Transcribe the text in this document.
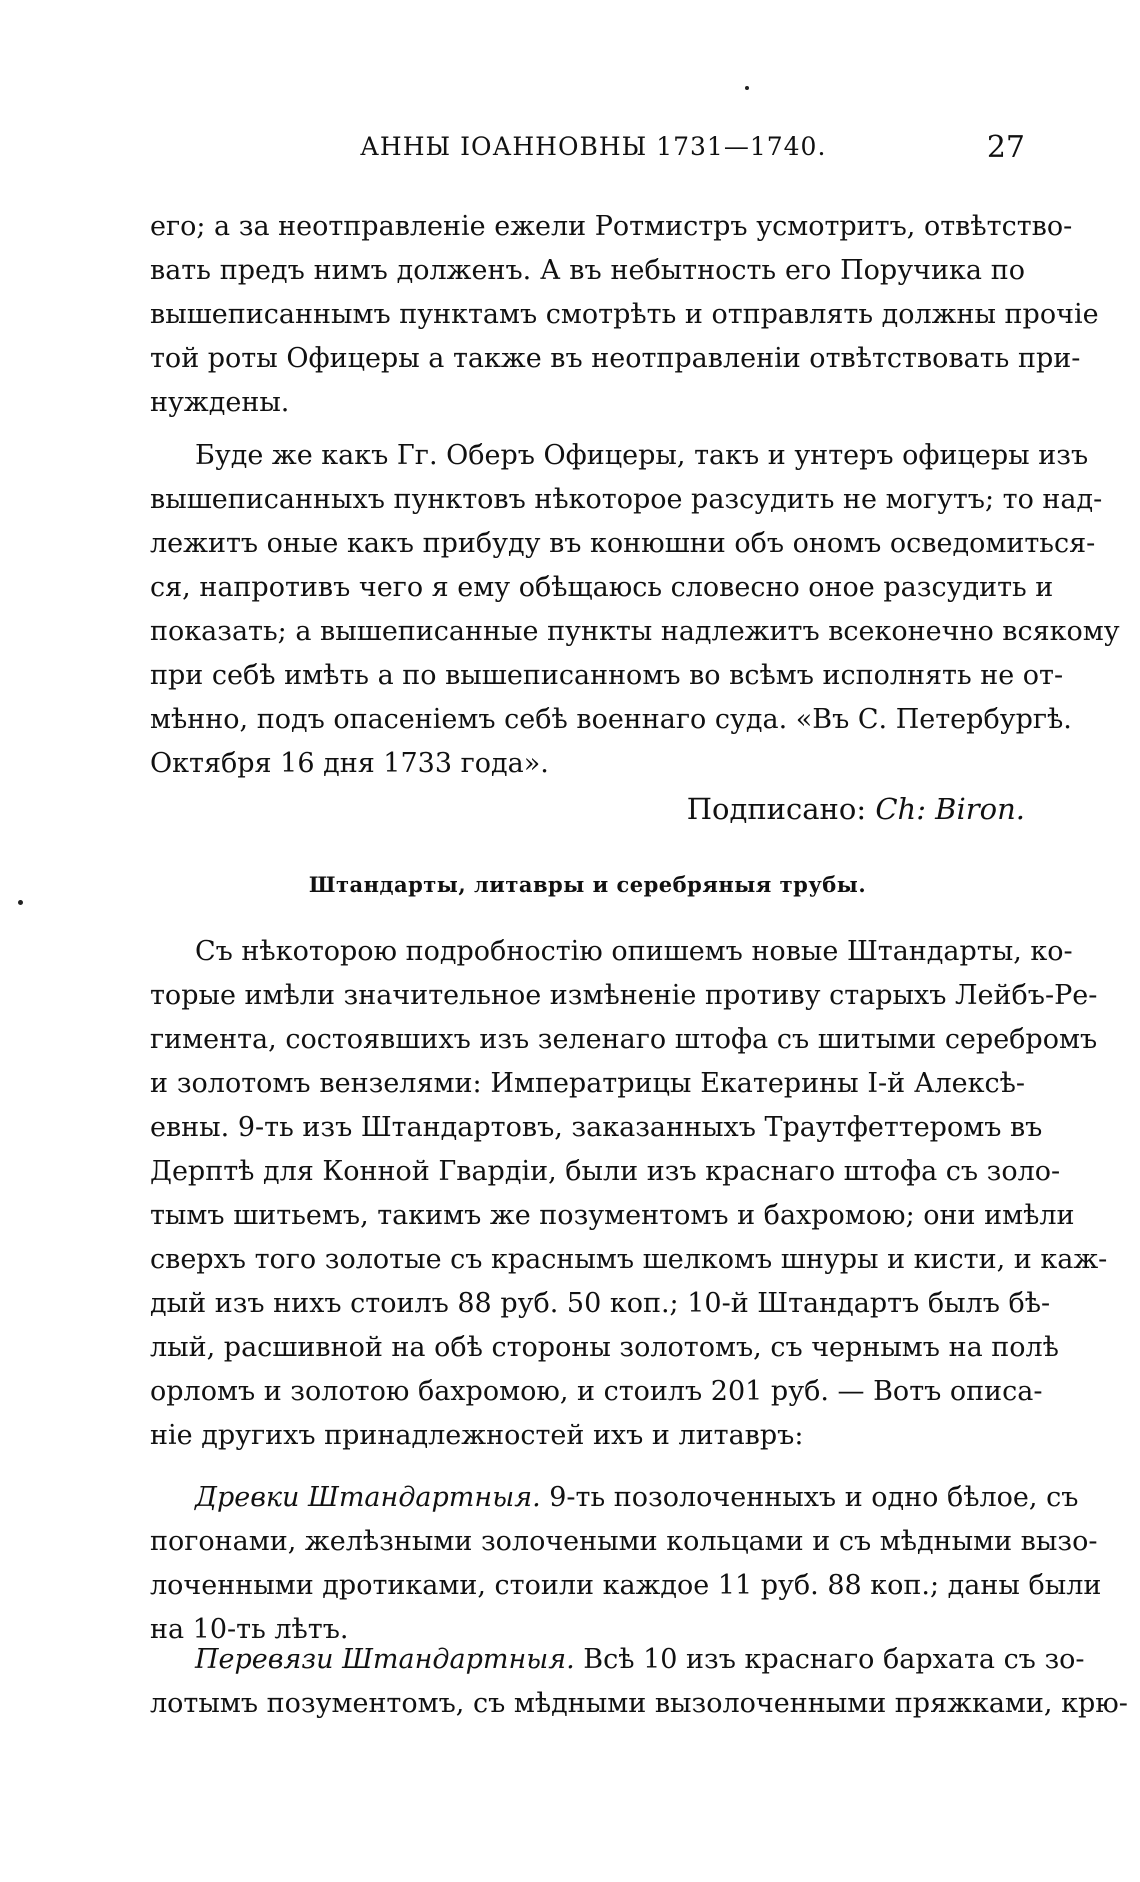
АННЫ ІОАННОВНЫ 1731—1740.	27
его; а за неотправленіе ежели Ротмистръ усмотритъ, отвѣтство-
вать предъ нимъ долженъ. А въ небытность его Поручика по
вышеписаннымъ пунктамъ смотрѣть и отправлять должны прочіе
той роты Офицеры а также въ неотправленіи отвѣтствовать при-
нуждены.
Буде же какъ Гг. Оберъ Офицеры, такъ и унтеръ офицеры изъ
вышеписанныхъ пунктовъ нѣкоторое разсудить не могутъ; то над-
лежитъ оные какъ прибуду въ конюшни объ ономъ осведомиться-
ся, напротивъ чего я ему обѣщаюсь словесно оное разсудить и
показать; а вышеписанные пункты надлежитъ всеконечно всякому
при себѣ имѣть а по вышеписанномъ во всѣмъ исполнять не от-
мѣнно, подъ опасеніемъ себѣ военнаго суда. «Въ С. Петербургѣ.
Октября 16 дня 1733 года».
Подписано: Ch: Biron.
Штандарты, литавры и серебряныя трубы.
Съ нѣкоторою подробностію опишемъ новые Штандарты, ко-
торые имѣли значительное измѣненіе противу старыхъ Лейбъ-Ре-
гимента, состоявшихъ изъ зеленаго штофа съ шитыми серебромъ
и золотомъ вензелями: Императрицы Екатерины І-й Алексѣ-
евны. 9-ть изъ Штандартовъ, заказанныхъ Траутфеттеромъ въ
Дерптѣ для Конной Гвардіи, были изъ краснаго штофа съ золо-
тымъ шитьемъ, такимъ же позументомъ и бахромою; они имѣли
сверхъ того золотые съ краснымъ шелкомъ шнуры и кисти, и каж-
дый изъ нихъ стоилъ 88 руб. 50 коп.; 10-й Штандартъ былъ бѣ-
лый, расшивной на обѣ стороны золотомъ, съ чернымъ на полѣ
орломъ и золотою бахромою, и стоилъ 201 руб. — Вотъ описа-
ніе другихъ принадлежностей ихъ и литавръ:
Древки Штандартныя. 9-ть позолоченныхъ и одно бѣлое, съ
погонами, желѣзными золочеными кольцами и съ мѣдными вызо-
лоченными дротиками, стоили каждое 11 руб. 88 коп.; даны были
на 10-ть лѣтъ.
Перевязи Штандартныя. Всѣ 10 изъ краснаго бархата съ зо-
лотымъ позументомъ, съ мѣдными вызолоченными пряжками, крю-
